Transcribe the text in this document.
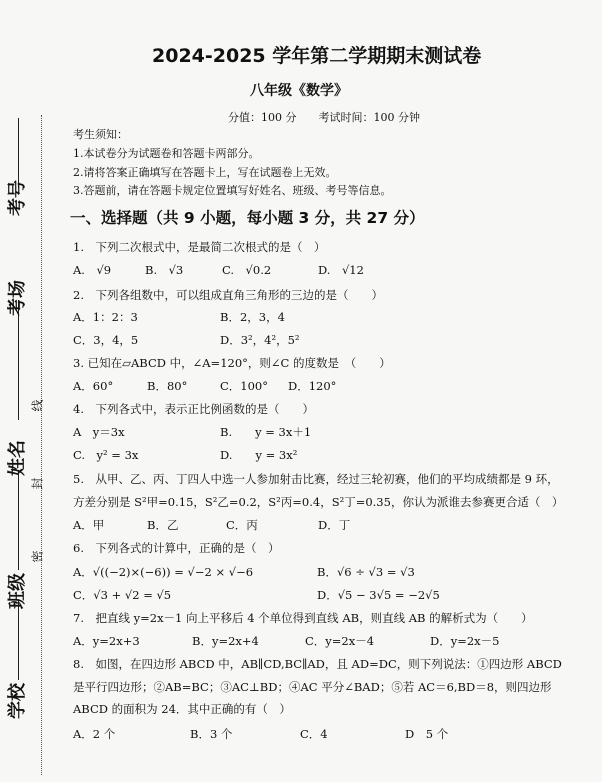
考号
考场
姓名
班级
学校
线
封
密
2024-2025 学年第二学期期末测试卷
八年级《数学》
分值：100 分　　考试时间：100 分钟
考生须知：
1.本试卷分为试题卷和答题卡两部分。
2.请将答案正确填写在答题卡上，写在试题卷上无效。
3.答题前，请在答题卡规定位置填写好姓名、班级、考号等信息。
一、选择题（共 9 小题，每小题 3 分，共 27 分）
1.　下列二次根式中，是最简二次根式的是（　）
A.　√9	B.　√3	C.　√0.2	D.　√12
2.　下列各组数中，可以组成直角三角形的三边的是（　　）
A．1：2：3	B．2，3，4
C．3，4，5	D．3²，4²，5²
3. 已知在▱ABCD 中，∠A=120°，则∠C 的度数是　（　　）
A．60°	B．80°	C．100° D．120°
4.　下列各式中，表示正比例函数的是（　　）
A　y＝3x	B.　　y = 3x＋1
C.　y² = 3x	D.　　y = 3x²
5.　从甲、乙、丙、丁四人中选一人参加射击比赛，经过三轮初赛，他们的平均成绩都是 9 环，
方差分别是 S²甲=0.15，S²乙=0.2，S²丙=0.4，S²丁=0.35，你认为派谁去参赛更合适（　）
A．甲	B．乙	C．丙	D．丁
6.　下列各式的计算中，正确的是（　）
A．√((−2)×(−6)) = √−2 × √−6	B．√6 ÷ √3 = √3
C．√3 + √2 = √5	D．√5 − 3√5 = −2√5
7.　把直线 y=2x－1 向上平移后 4 个单位得到直线 AB，则直线 AB 的解析式为（　　）
A．y=2x+3	B．y=2x+4	C．y=2x－4	D．y=2x－5
8.　如图，在四边形 ABCD 中，AB∥CD,BC∥AD，且 AD=DC，则下列说法：①四边形 ABCD
是平行四边形；②AB=BC；③AC⊥BD；④AC 平分∠BAD；⑤若 AC＝6,BD＝8，则四边形
ABCD 的面积为 24．其中正确的有（　）
A．2 个	B．3 个	C．4	D　5 个
